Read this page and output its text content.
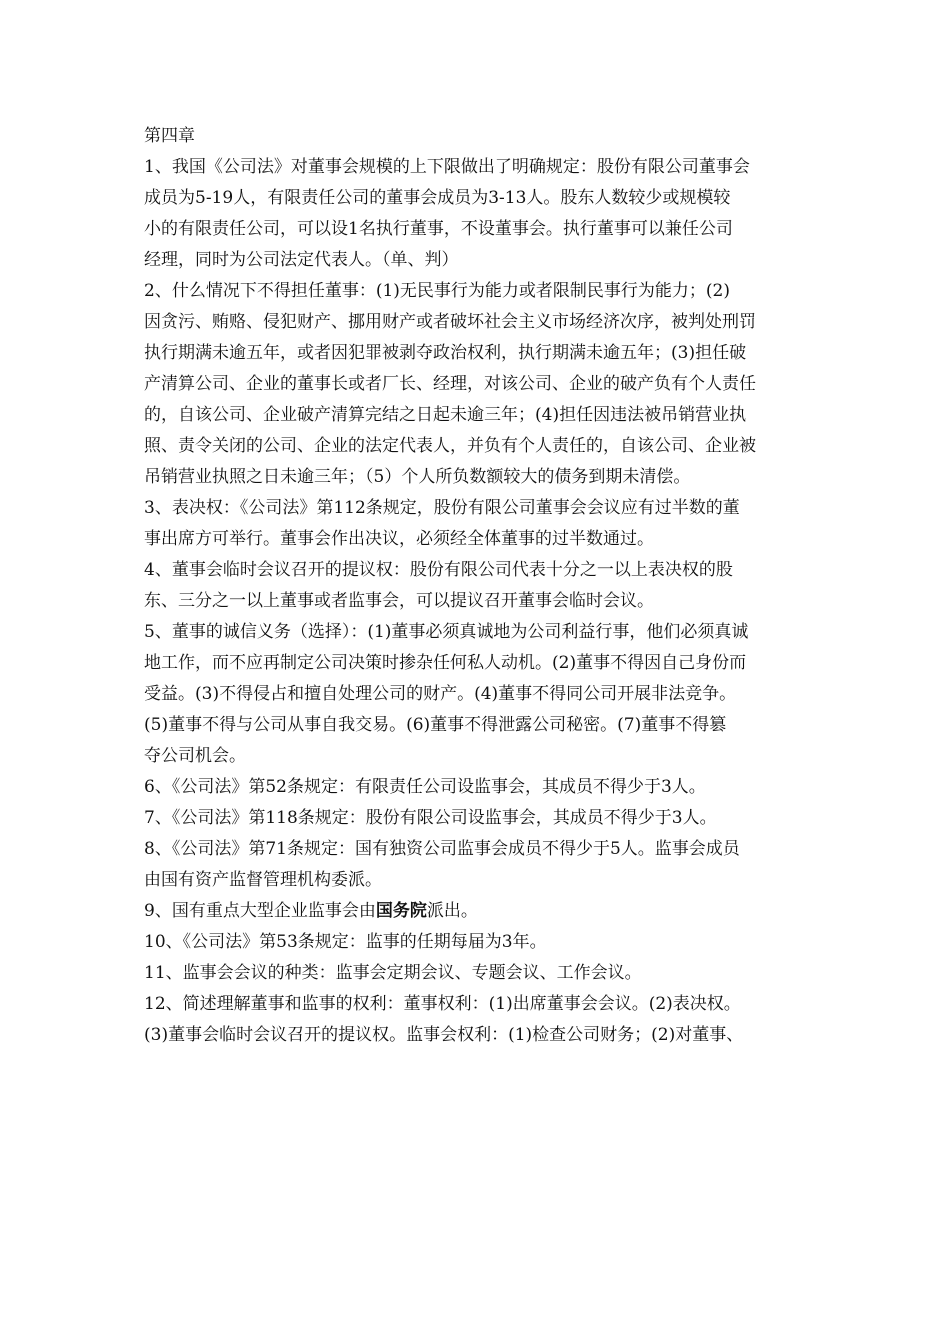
第四章
1、我国《公司法》对董事会规模的上下限做出了明确规定：股份有限公司董事会
成员为5-19人，有限责任公司的董事会成员为3-13人。股东人数较少或规模较
小的有限责任公司，可以设1名执行董事，不设董事会。执行董事可以兼任公司
经理，同时为公司法定代表人。（单、判）
2、什么情况下不得担任董事：(1)无民事行为能力或者限制民事行为能力；(2)
因贪污、贿赂、侵犯财产、挪用财产或者破坏社会主义市场经济次序，被判处刑罚
执行期满未逾五年，或者因犯罪被剥夺政治权利，执行期满未逾五年；(3)担任破
产清算公司、企业的董事长或者厂长、经理，对该公司、企业的破产负有个人责任
的，自该公司、企业破产清算完结之日起未逾三年；(4)担任因违法被吊销营业执
照、责令关闭的公司、企业的法定代表人，并负有个人责任的，自该公司、企业被
吊销营业执照之日未逾三年；（5）个人所负数额较大的债务到期未清偿。
3、表决权：《公司法》第112条规定，股份有限公司董事会会议应有过半数的董
事出席方可举行。董事会作出决议，必须经全体董事的过半数通过。
4、董事会临时会议召开的提议权：股份有限公司代表十分之一以上表决权的股
东、三分之一以上董事或者监事会，可以提议召开董事会临时会议。
5、董事的诚信义务（选择）：(1)董事必须真诚地为公司利益行事，他们必须真诚
地工作，而不应再制定公司决策时掺杂任何私人动机。(2)董事不得因自己身份而
受益。(3)不得侵占和擅自处理公司的财产。(4)董事不得同公司开展非法竞争。
(5)董事不得与公司从事自我交易。(6)董事不得泄露公司秘密。(7)董事不得篡
夺公司机会。
6、《公司法》第52条规定：有限责任公司设监事会，其成员不得少于3人。
7、《公司法》第118条规定：股份有限公司设监事会，其成员不得少于3人。
8、《公司法》第71条规定：国有独资公司监事会成员不得少于5人。监事会成员
由国有资产监督管理机构委派。
9、国有重点大型企业监事会由国务院派出。
10、《公司法》第53条规定：监事的任期每届为3年。
11、监事会会议的种类：监事会定期会议、专题会议、工作会议。
12、简述理解董事和监事的权利：董事权利：(1)出席董事会会议。(2)表决权。
(3)董事会临时会议召开的提议权。监事会权利：(1)检查公司财务；(2)对董事、
